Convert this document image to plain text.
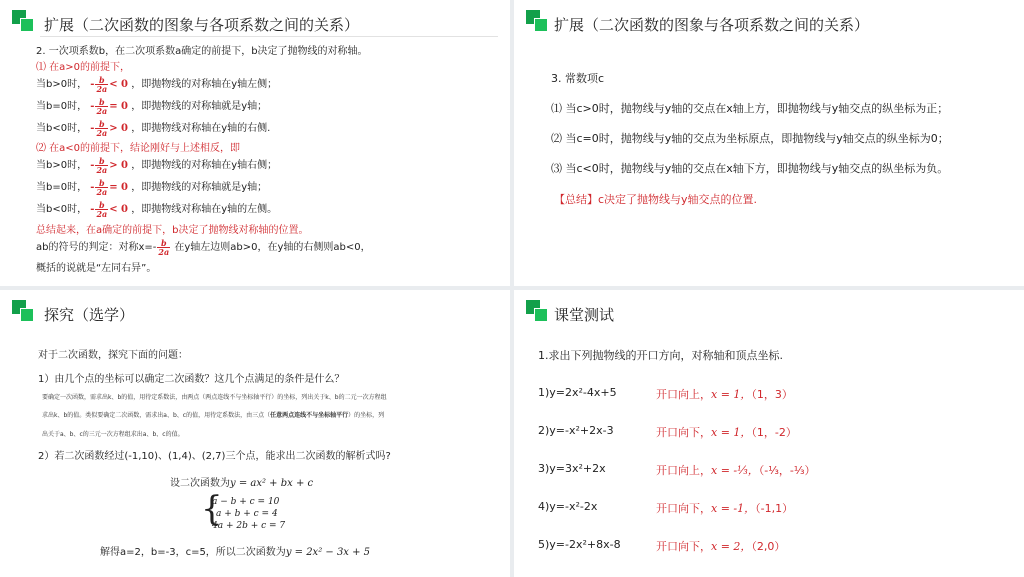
扩展（二次函数的图象与各项系数之间的关系）
2. 一次项系数b，在二次项系数a确定的前提下，b决定了抛物线的对称轴。
⑴ 在a>0的前提下，
当b>0时， - $\frac{b}{2a} < 0$ ，即抛物线的对称轴在y轴左侧；
当b=0时， - $\frac{b}{2a} = 0$ ，即抛物线的对称轴就是y轴；
当b<0时， - $\frac{b}{2a} > 0$ ，即抛物线对称轴在y轴的右侧.
⑵ 在a<0的前提下，结论刚好与上述相反，即
当b>0时， - $\frac{b}{2a} > 0$ ，即抛物线的对称轴在y轴右侧；
当b=0时， - $\frac{b}{2a} = 0$ ，即抛物线的对称轴就是y轴；
当b<0时， - $\frac{b}{2a} < 0$ ，即抛物线对称轴在y轴的左侧。
总结起来，在a确定的前提下，b决定了抛物线对称轴的位置。
ab的符号的判定：对称$x=- \frac{b}{2a}$ 在y轴左边则ab>0，在y轴的右侧则ab<0，
概括的说就是“左同右异”。
扩展（二次函数的图象与各项系数之间的关系）
3. 常数项c
⑴ 当c>0时，抛物线与y轴的交点在x轴上方，即抛物线与y轴交点的纵坐标为正；
⑵ 当c=0时，抛物线与y轴的交点为坐标原点，即抛物线与y轴交点的纵坐标为0；
⑶ 当c<0时，抛物线与y轴的交点在x轴下方，即抛物线与y轴交点的纵坐标为负。
【总结】c决定了抛物线与y轴交点的位置.
探究（选学）
对于二次函数，探究下面的问题：
1）由几个点的坐标可以确定二次函数？这几个点满足的条件是什么？
要确定一次函数，需求出k、b的值，用待定系数法，由两点（两点连线不与坐标轴平行）的坐标，列出关于k、b的二元一次方程组
求出k、b的值。类似要确定二次函数，需求出a、b、c的值，用待定系数法，由三点（任意两点连线不与坐标轴平行）的坐标，列
出关于a、b、c的三元一次方程组求出a、b、c的值。
2）若二次函数经过(-1,10)、(1,4)、(2,7)三个点，能求出二次函数的解析式吗?
设二次函数为y = ax² + bx + c
{
a − b + c = 10
a + b + c = 4
4a + 2b + c = 7
解得a=2，b=-3，c=5，所以二次函数为y = 2x² − 3x + 5
课堂测试
1.求出下列抛物线的开口方向，对称轴和顶点坐标.
1)y=2x²-4x+5	开口向上，x = 1，（1，3）
2)y=-x²+2x-3	开口向下，x = 1，（1，-2）
3)y=3x²+2x	开口向上，x = -⅓，（-⅓，-⅓）
4)y=-x²-2x	开口向下，x = -1，（-1,1）
5)y=-2x²+8x-8	开口向下，x = 2，（2,0）
